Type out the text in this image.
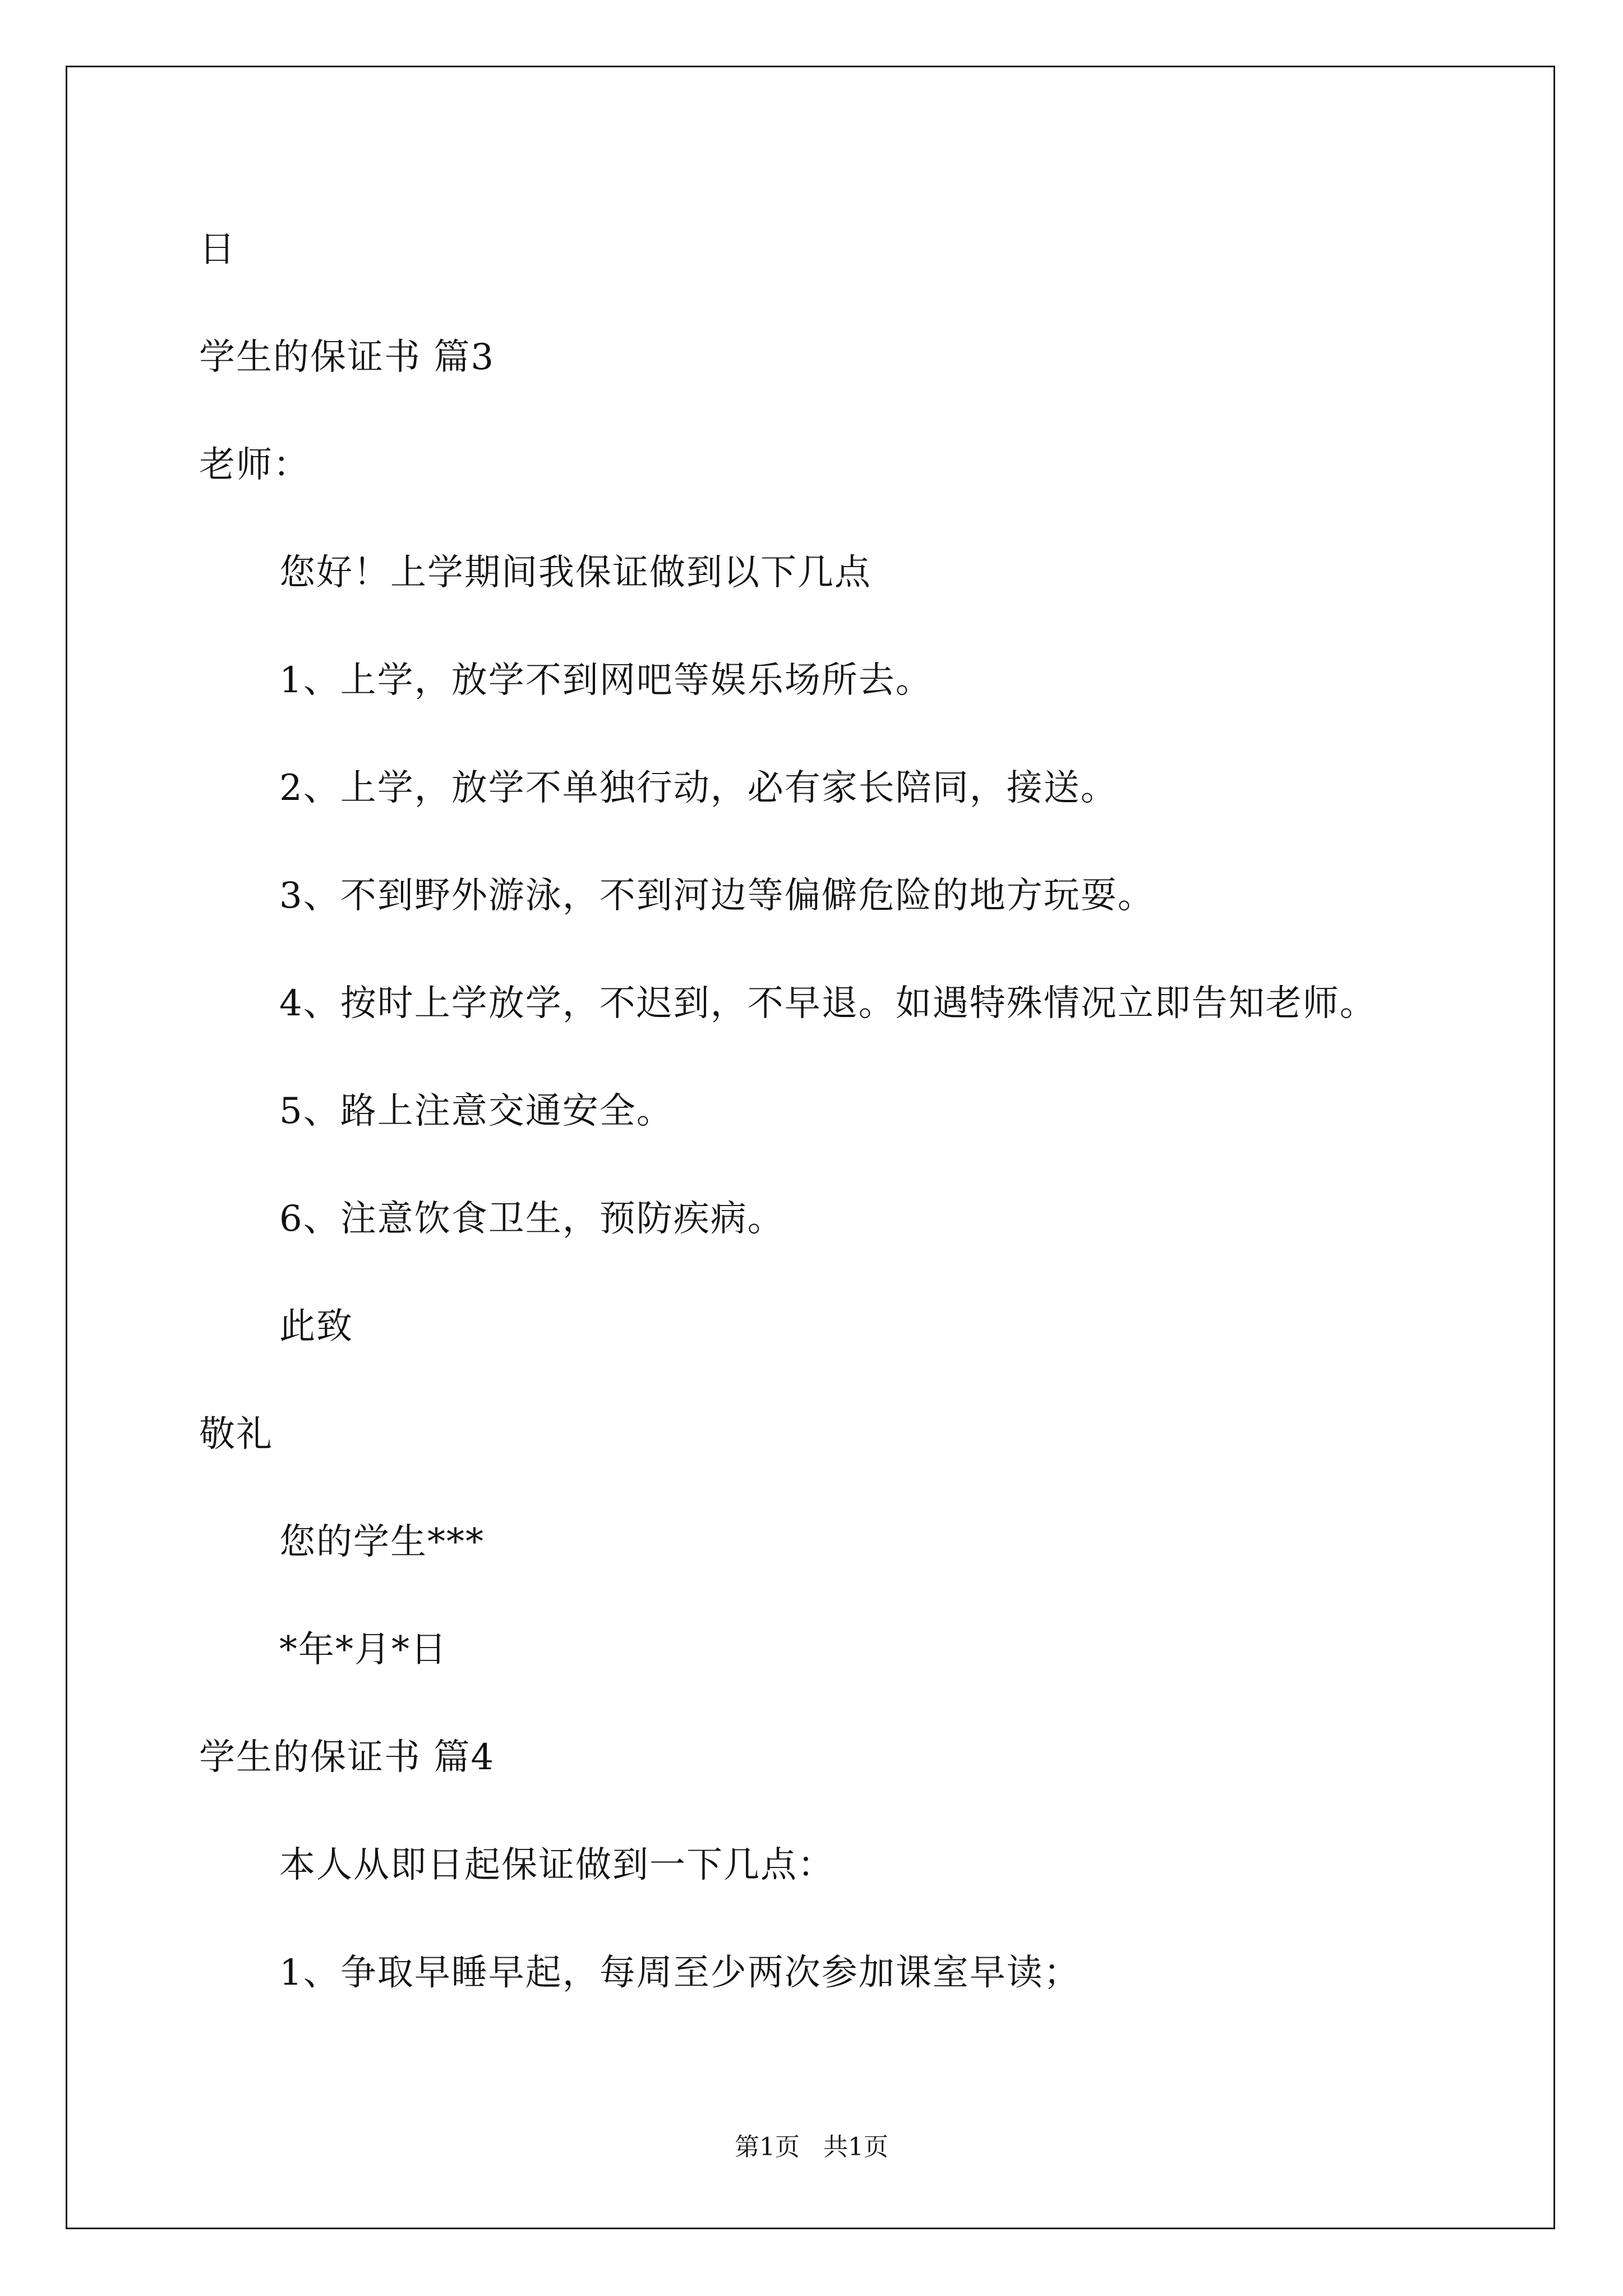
日
学生的保证书 篇3
老师：
您好！上学期间我保证做到以下几点
1、上学，放学不到网吧等娱乐场所去。
2、上学，放学不单独行动，必有家长陪同，接送。
3、不到野外游泳，不到河边等偏僻危险的地方玩耍。
4、按时上学放学，不迟到，不早退。如遇特殊情况立即告知老师。
5、路上注意交通安全。
6、注意饮食卫生，预防疾病。
此致
敬礼
您的学生***
*年*月*日
学生的保证书 篇4
本人从即日起保证做到一下几点：
1、争取早睡早起，每周至少两次参加课室早读；
第1页   共1页
